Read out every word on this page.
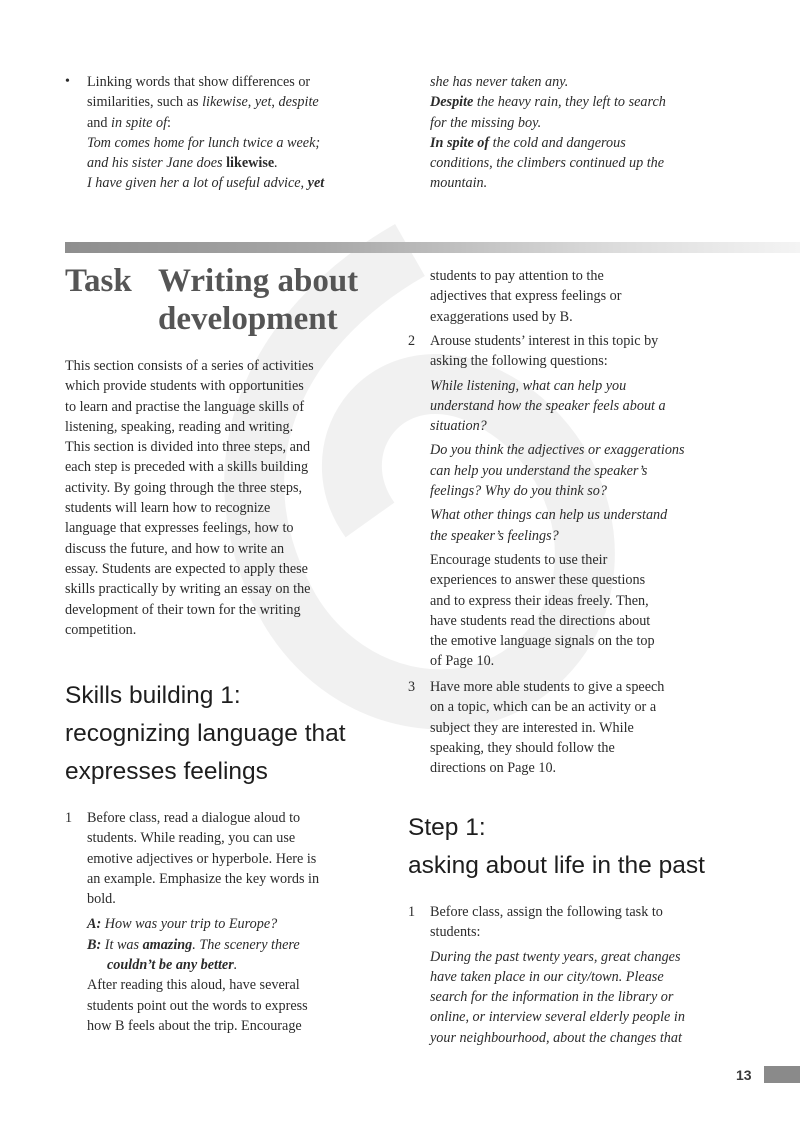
• Linking words that show differences or

similarities, such as likewise, yet, despite

and in spite of:

Tom comes home for lunch twice a week;

and his sister Jane does likewise.

I have given her a lot of useful advice, yet

she has never taken any.

Despite the heavy rain, they left to search

for the missing boy.

In spite of the cold and dangerous

conditions, the climbers continued up the

mountain.

Task Writing about
development
This section consists of a series of activities
which provide students with opportunities
to learn and practise the language skills of
listening, speaking, reading and writing.
This section is divided into three steps, and
each step is preceded with a skills building
activity. By going through the three steps,
students will learn how to recognize
language that expresses feelings, how to
discuss the future, and how to write an
essay. Students are expected to apply these
skills practically by writing an essay on the
development of their town for the writing
competition.
Skills building 1:
recognizing language that
expresses feelings
1 Before class, read a dialogue aloud to
students. While reading, you can use
emotive adjectives or hyperbole. Here is
an example. Emphasize the key words in
bold.

A: How was your trip to Europe?

B: It was amazing. The scenery there

couldn’t be any better.

After reading this aloud, have several
students point out the words to express
how B feels about the trip. Encourage
students to pay attention to the
adjectives that express feelings or
exaggerations used by B.
2 Arouse students’ interest in this topic by
asking the following questions:
While listening, what can help you
understand how the speaker feels about a
situation?
Do you think the adjectives or exaggerations
can help you understand the speaker’s
feelings? Why do you think so?
What other things can help us understand
the speaker’s feelings?
Encourage students to use their
experiences to answer these questions
and to express their ideas freely. Then,
have students read the directions about
the emotive language signals on the top
of Page 10.
3 Have more able students to give a speech
on a topic, which can be an activity or a
subject they are interested in. While
speaking, they should follow the
directions on Page 10.
Step 1:
asking about life in the past
1 Before class, assign the following task to
students:
During the past twenty years, great changes
have taken place in our city/town. Please
search for the information in the library or
online, or interview several elderly people in
your neighbourhood, about the changes that
13
